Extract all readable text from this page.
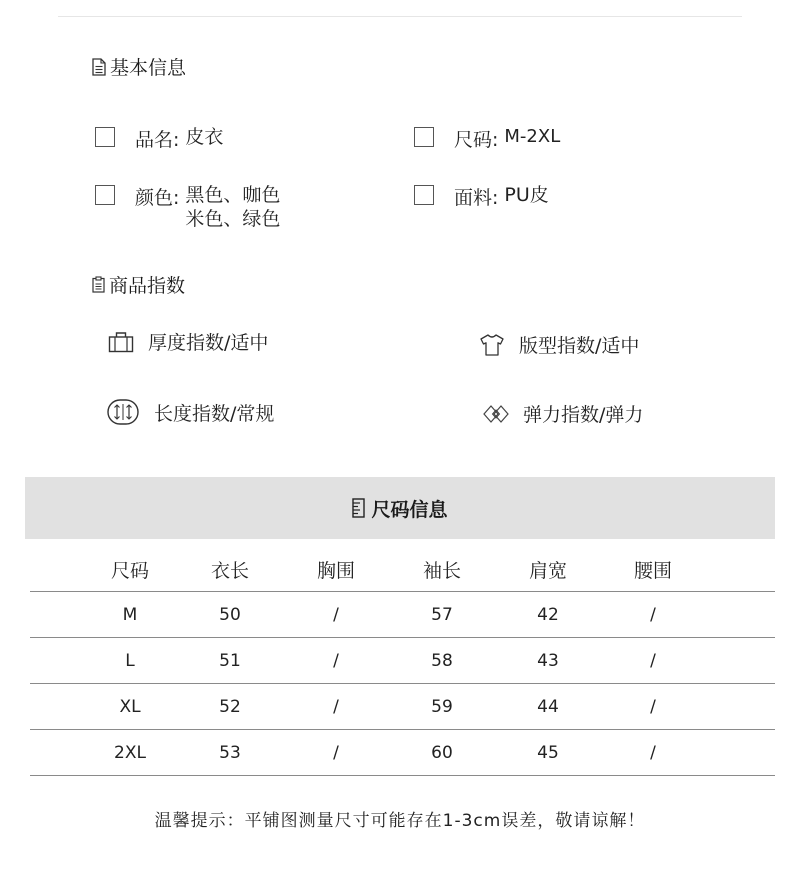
基本信息
品名: 皮衣	尺码: M-2XL
颜色: 黑色、咖色
米色、绿色
面料: PU皮
商品指数
厚度指数/适中	版型指数/适中
长度指数/常规	弹力指数/弹力
尺码信息
尺码	衣长	胸围	袖长	肩宽	腰围
M	50	/	57	42	/
L	51	/	58	43	/
XL	52	/	59	44	/
2XL	53	/	60	45	/
温馨提示：平铺图测量尺寸可能存在1-3cm误差，敬请谅解！
